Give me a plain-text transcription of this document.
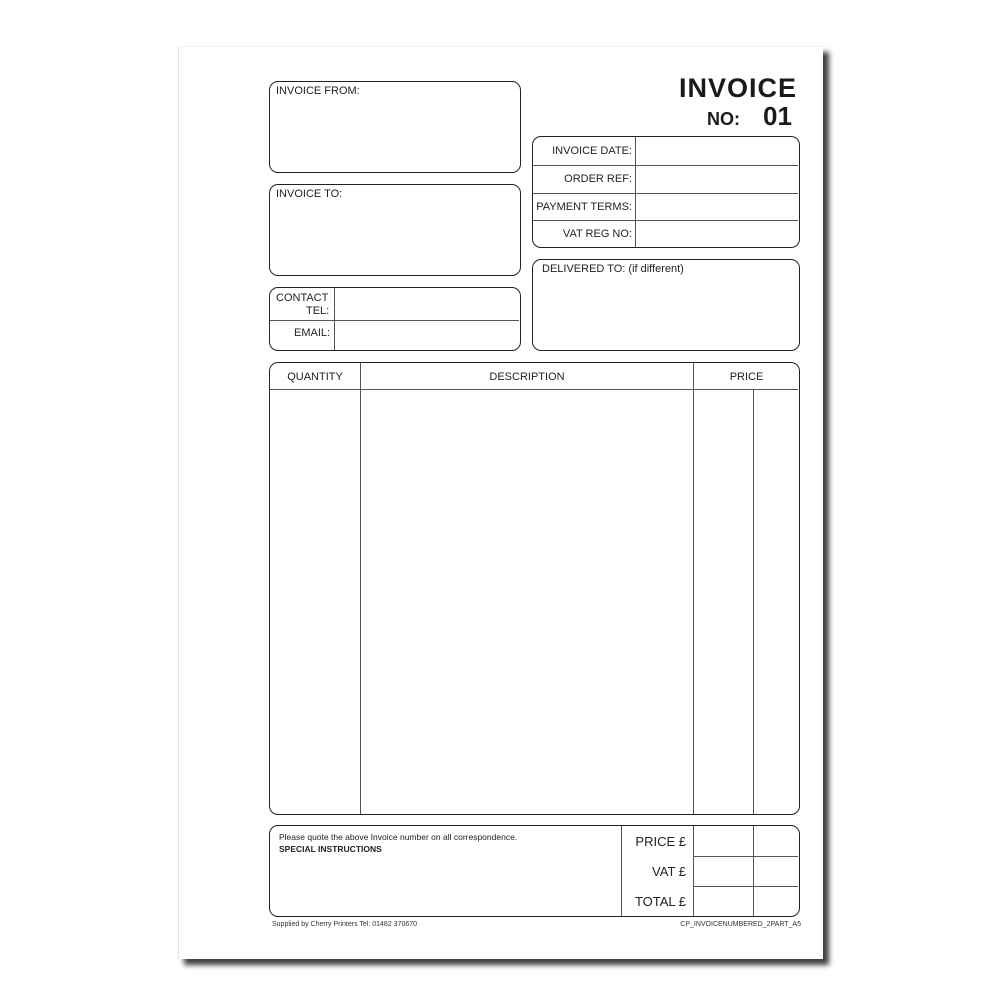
INVOICE
NO: 01
INVOICE FROM:
INVOICE TO:
CONTACT
TEL:
EMAIL:
INVOICE DATE:
ORDER REF:
PAYMENT TERMS:
VAT REG NO:
DELIVERED TO: (if different)
QUANTITY	DESCRIPTION	PRICE
Please quote the above Invoice number on all correspondence.
SPECIAL INSTRUCTIONS	PRICE £
VAT £
TOTAL £
Supplied by Cherry Printers Tel: 01482 370670	CP_INVOICENUMBERED_2PART_A5
